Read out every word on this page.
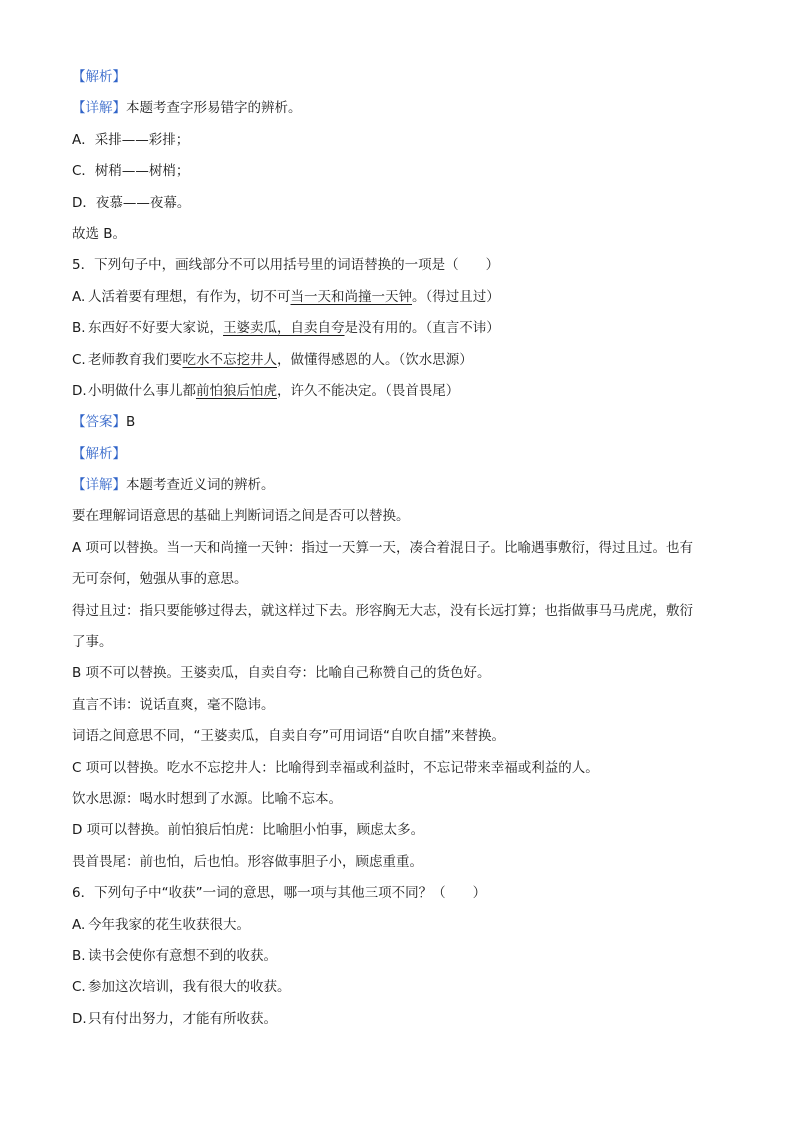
【解析】
【详解】本题考查字形易错字的辨析。
A．采排——彩排；
C．树稍——树梢；
D．夜慕——夜幕。
故选 B。
5．下列句子中，画线部分不可以用括号里的词语替换的一项是（　　）
A. 人活着要有理想，有作为，切不可当一天和尚撞一天钟。（得过且过）
B. 东西好不好要大家说，王婆卖瓜，自卖自夸是没有用的。（直言不讳）
C. 老师教育我们要吃水不忘挖井人，做懂得感恩的人。（饮水思源）
D.小明做什么事儿都前怕狼后怕虎，许久不能决定。（畏首畏尾）
【答案】B
【解析】
【详解】本题考查近义词的辨析。
要在理解词语意思的基础上判断词语之间是否可以替换。
A 项可以替换。当一天和尚撞一天钟：指过一天算一天，凑合着混日子。比喻遇事敷衍，得过且过。也有
无可奈何，勉强从事的意思。
得过且过：指只要能够过得去，就这样过下去。形容胸无大志，没有长远打算；也指做事马马虎虎，敷衍
了事。
B 项不可以替换。王婆卖瓜，自卖自夸：比喻自己称赞自己的货色好。
直言不讳：说话直爽，毫不隐讳。
词语之间意思不同，“王婆卖瓜，自卖自夸”可用词语“自吹自擂”来替换。
C 项可以替换。吃水不忘挖井人：比喻得到幸福或利益时，不忘记带来幸福或利益的人。
饮水思源：喝水时想到了水源。比喻不忘本。
D 项可以替换。前怕狼后怕虎：比喻胆小怕事，顾虑太多。
畏首畏尾：前也怕，后也怕。形容做事胆子小，顾虑重重。
6．下列句子中“收获”一词的意思，哪一项与其他三项不同？（　　）
A. 今年我家的花生收获很大。
B. 读书会使你有意想不到的收获。
C. 参加这次培训，我有很大的收获。
D.只有付出努力，才能有所收获。
